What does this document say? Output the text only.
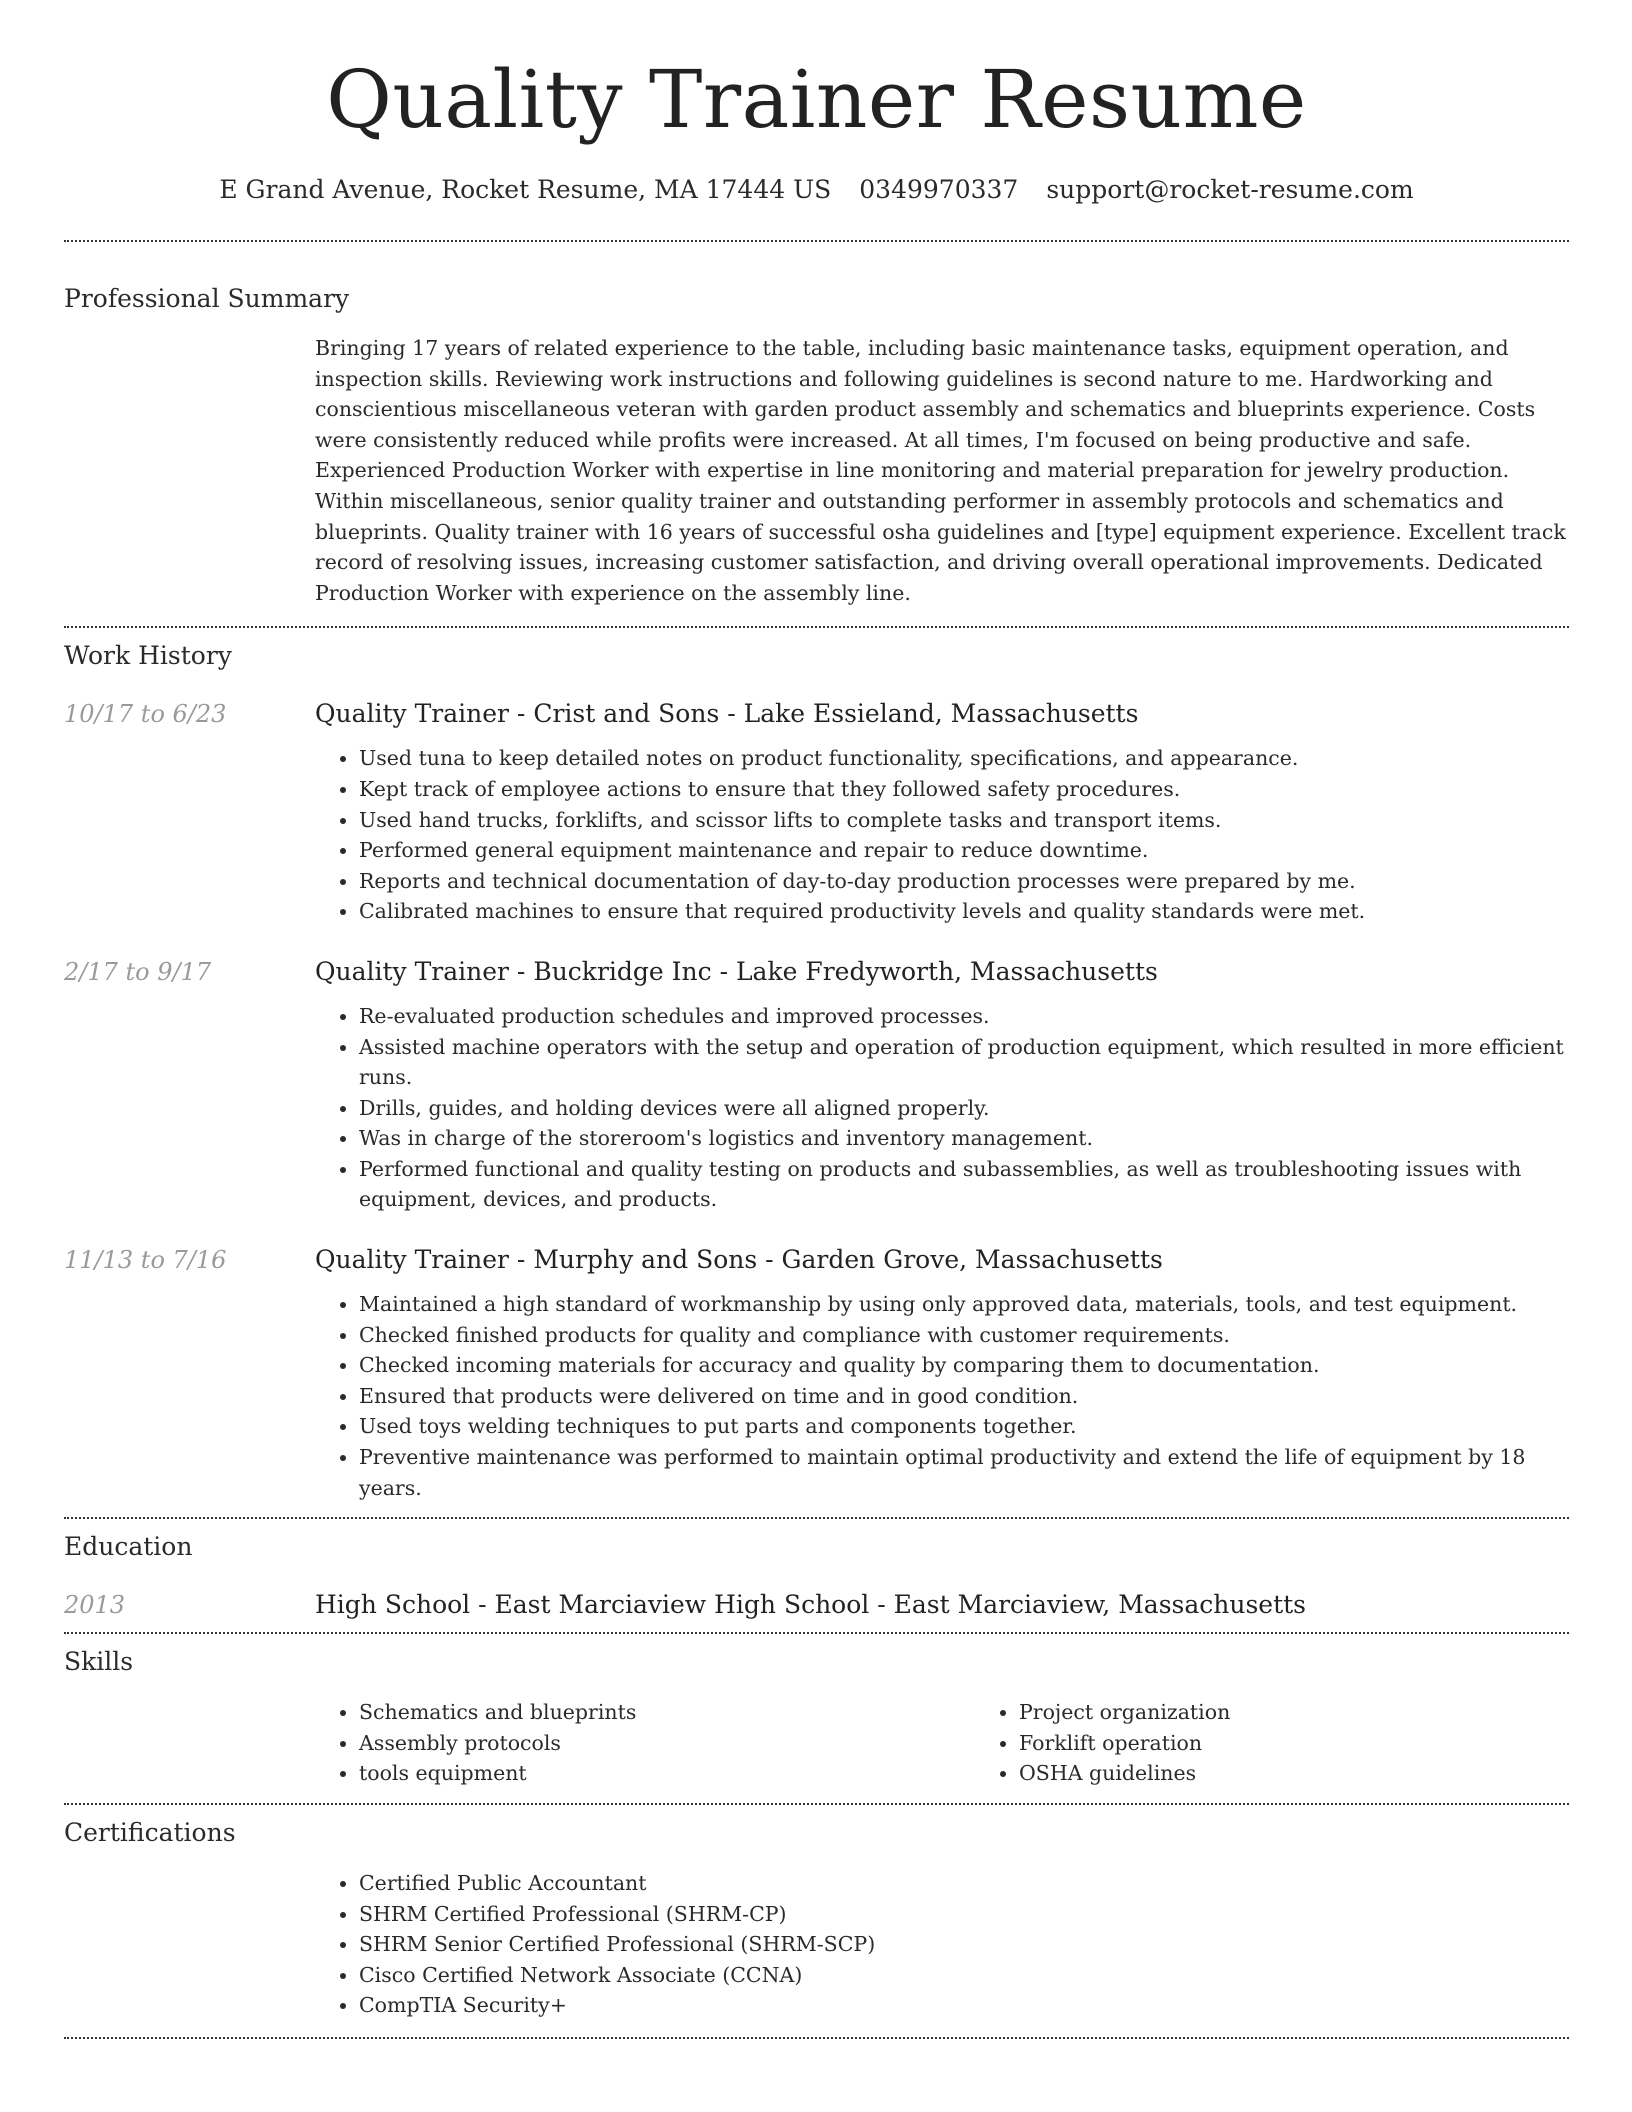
Quality Trainer Resume
E Grand Avenue, Rocket Resume, MA 17444 US 0349970337 support@rocket-resume.com
Professional Summary

Bringing 17 years of related experience to the table, including basic maintenance tasks, equipment operation, and inspection skills. Reviewing work instructions and following guidelines is second nature to me. Hardworking and conscientious miscellaneous veteran with garden product assembly and schematics and blueprints experience. Costs were consistently reduced while profits were increased. At all times, I'm focused on being productive and safe. Experienced Production Worker with expertise in line monitoring and material preparation for jewelry production. Within miscellaneous, senior quality trainer and outstanding performer in assembly protocols and schematics and blueprints. Quality trainer with 16 years of successful osha guidelines and [type] equipment experience. Excellent track record of resolving issues, increasing customer satisfaction, and driving overall operational improvements. Dedicated Production Worker with experience on the assembly line.

Work History
10/17 to 6/23	Quality Trainer - Crist and Sons - Lake Essieland, Massachusetts
• Used tuna to keep detailed notes on product functionality, specifications, and appearance.
• Kept track of employee actions to ensure that they followed safety procedures.
• Used hand trucks, forklifts, and scissor lifts to complete tasks and transport items.
• Performed general equipment maintenance and repair to reduce downtime.
• Reports and technical documentation of day-to-day production processes were prepared by me.
• Calibrated machines to ensure that required productivity levels and quality standards were met.
2/17 to 9/17	Quality Trainer - Buckridge Inc - Lake Fredyworth, Massachusetts
• Re-evaluated production schedules and improved processes.
• Assisted machine operators with the setup and operation of production equipment, which resulted in more efficient runs.
• Drills, guides, and holding devices were all aligned properly.
• Was in charge of the storeroom's logistics and inventory management.
• Performed functional and quality testing on products and subassemblies, as well as troubleshooting issues with equipment, devices, and products.
11/13 to 7/16	Quality Trainer - Murphy and Sons - Garden Grove, Massachusetts
• Maintained a high standard of workmanship by using only approved data, materials, tools, and test equipment.
• Checked finished products for quality and compliance with customer requirements.
• Checked incoming materials for accuracy and quality by comparing them to documentation.
• Ensured that products were delivered on time and in good condition.
• Used toys welding techniques to put parts and components together.
• Preventive maintenance was performed to maintain optimal productivity and extend the life of equipment by 18 years.
Education
2013	High School - East Marciaview High School - East Marciaview, Massachusetts
Skills
• Schematics and blueprints
• Assembly protocols
• tools equipment
• Project organization
• Forklift operation
• OSHA guidelines
Certifications
• Certified Public Accountant
• SHRM Certified Professional (SHRM-CP)
• SHRM Senior Certified Professional (SHRM-SCP)
• Cisco Certified Network Associate (CCNA)
• CompTIA Security+
